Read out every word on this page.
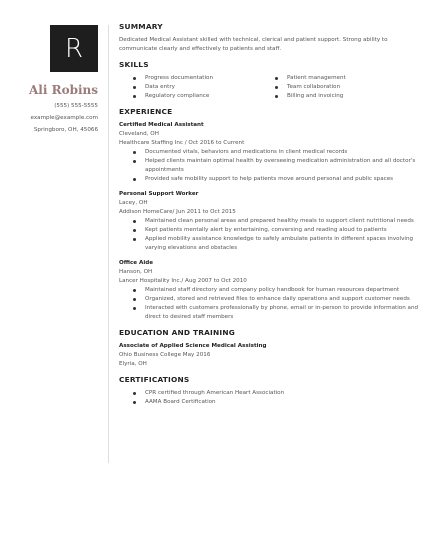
R
Ali Robins
(555) 555-5555
example@example.com
Springboro, OH, 45066
SUMMARY

Dedicated Medical Assistant skilled with technical, clerical and patient support. Strong ability to communicate clearly and effectively to patients and staff.

SKILLS
Progress documentation
Data entry
Regulatory compliance
Patient management
Team collaboration
Billing and invoicing
EXPERIENCE
Certified Medical Assistant
Cleveland, OH
Healthcare Staffing Inc / Oct 2016 to Current
Documented vitals, behaviors and medications in client medical records
Helped clients maintain optimal health by overseeing medication administration and all doctor's appointments
Provided safe mobility support to help patients move around personal and public spaces
Personal Support Worker
Lacey, OH
Addison HomeCare/ Jun 2011 to Oct 2015
Maintained clean personal areas and prepared healthy meals to support client nutritional needs
Kept patients mentally alert by entertaining, conversing and reading aloud to patients
Applied mobility assistance knowledge to safely ambulate patients in different spaces involving varying elevations and obstacles
Office Aide
Hanson, OH
Lancer Hospitality Inc./ Aug 2007 to Oct 2010
Maintained staff directory and company policy handbook for human resources department
Organized, stored and retrieved files to enhance daily operations and support customer needs
Interacted with customers professionally by phone, email or in-person to provide information and direct to desired staff members
EDUCATION AND TRAINING
Associate of Applied Science Medical Assisting
Ohio Business College May 2016
Elyria, OH
CERTIFICATIONS
CPR certified through American Heart Association
AAMA Board Certification
